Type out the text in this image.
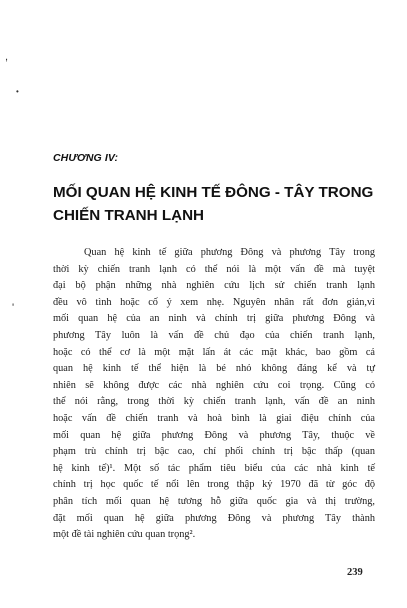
,
•
'
CHƯƠNG IV:
MỐI QUAN HỆ KINH TẾ ĐÔNG - TÂY TRONG
CHIẾN TRANH LẠNH
Quan hệ kinh tế giữa phương Đông và phương Tây trong
thời kỳ chiến tranh lạnh có thể nói là một vấn đề mà tuyệt
đại bộ phận những nhà nghiên cứu lịch sử chiến tranh lạnh
đều vô tình hoặc cố ý xem nhẹ. Nguyên nhân rất đơn giản,vì
mối quan hệ của an ninh và chính trị giữa phương Đông và
phương Tây luôn là vấn đề chủ đạo của chiến tranh lạnh,
hoặc có thể cơ là một mặt lấn át các mặt khác, bao gồm cả
quan hệ kinh tế thể hiện là bé nhỏ không đáng kể và tự
nhiên sẽ không được các nhà nghiên cứu coi trọng. Cũng có
thể nói rằng, trong thời kỳ chiến tranh lạnh, vấn đề an ninh
hoặc vấn đề chiến tranh và hoà bình là giai điệu chính của
mối quan hệ giữa phương Đông và phương Tây, thuộc về
phạm trù chính trị bậc cao, chí phối chính trị bậc thấp (quan
hệ kinh tế)¹. Một số tác phẩm tiêu biểu của các nhà kinh tế
chính trị học quốc tế nổi lên trong thập kỷ 1970 đã từ góc độ
phân tích mối quan hệ tương hỗ giữa quốc gia và thị trường,
đặt mối quan hệ giữa phương Đông và phương Tây thành
một đề tài nghiên cứu quan trọng².
239
